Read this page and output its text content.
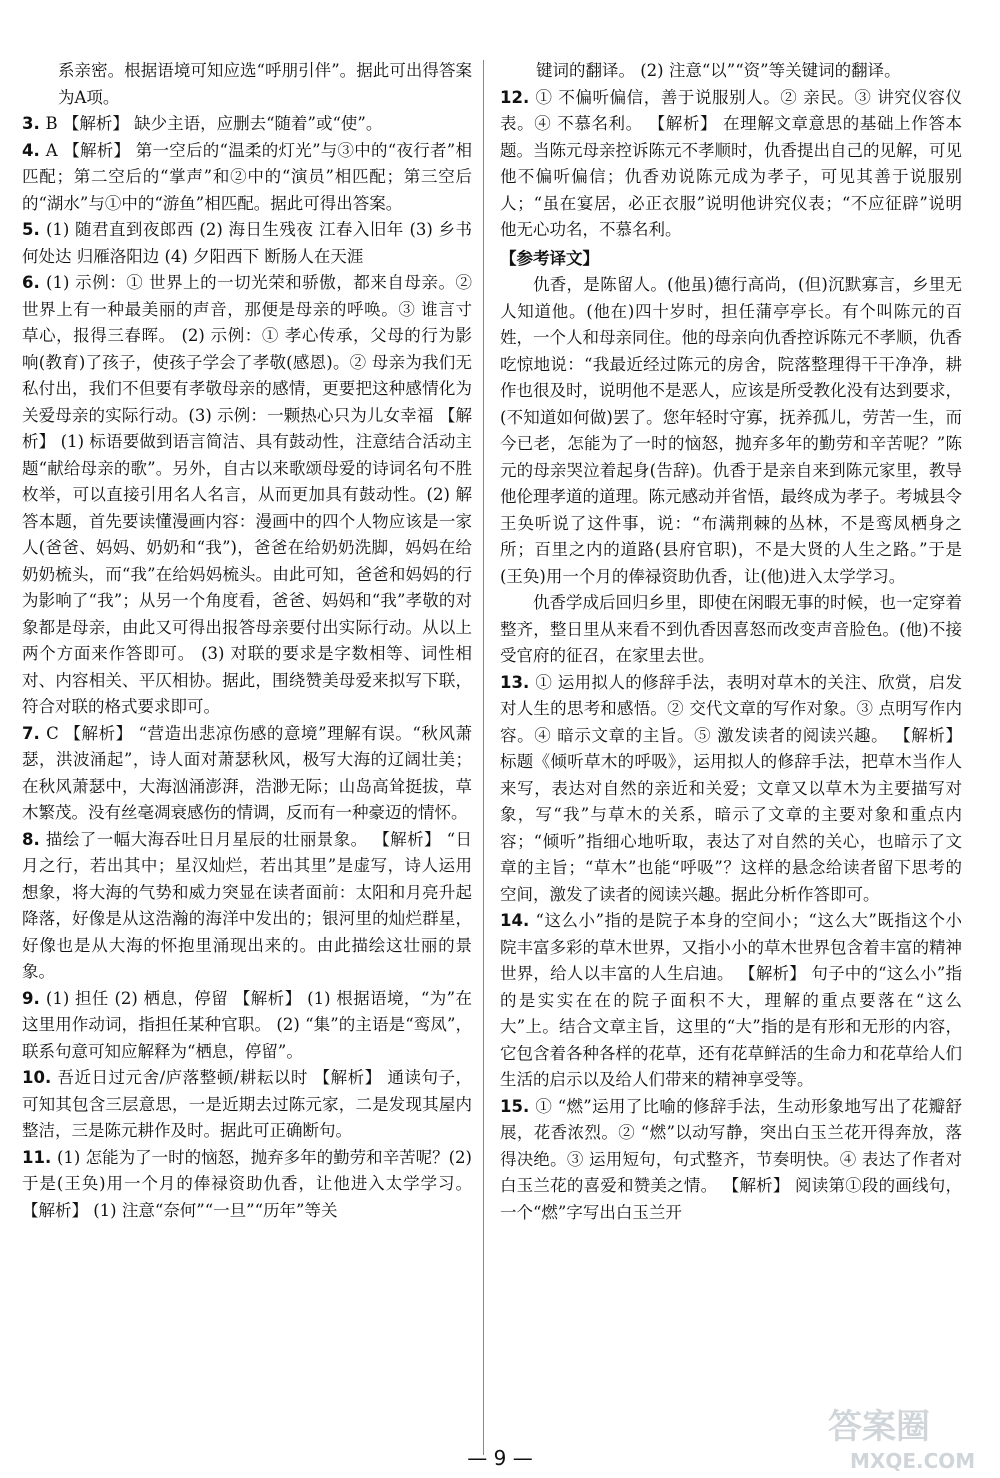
系亲密。根据语境可知应选“呼朋引伴”。据此可出得答案为A项。

3. B 【解析】 缺少主语，应删去“随着”或“使”。

4. A 【解析】 第一空后的“温柔的灯光”与③中的“夜行者”相匹配；第二空后的“掌声”和②中的“演员”相匹配；第三空后的“湖水”与①中的“游鱼”相匹配。据此可得出答案。

5. (1) 随君直到夜郎西 (2) 海日生残夜 江春入旧年 (3) 乡书何处达 归雁洛阳边 (4) 夕阳西下 断肠人在天涯

6. (1) 示例：① 世界上的一切光荣和骄傲，都来自母亲。② 世界上有一种最美丽的声音，那便是母亲的呼唤。③ 谁言寸草心，报得三春晖。 (2) 示例：① 孝心传承，父母的行为影响(教育)了孩子，使孩子学会了孝敬(感恩)。② 母亲为我们无私付出，我们不但要有孝敬母亲的感情，更要把这种感情化为关爱母亲的实际行动。(3) 示例：一颗热心只为儿女幸福 【解析】 (1) 标语要做到语言简洁、具有鼓动性，注意结合活动主题“献给母亲的歌”。另外，自古以来歌颂母爱的诗词名句不胜枚举，可以直接引用名人名言，从而更加具有鼓动性。(2) 解答本题，首先要读懂漫画内容：漫画中的四个人物应该是一家人(爸爸、妈妈、奶奶和“我”)，爸爸在给奶奶洗脚，妈妈在给奶奶梳头，而“我”在给妈妈梳头。由此可知，爸爸和妈妈的行为影响了“我”；从另一个角度看，爸爸、妈妈和“我”孝敬的对象都是母亲，由此又可得出报答母亲要付出实际行动。从以上两个方面来作答即可。 (3) 对联的要求是字数相等、词性相对、内容相关、平仄相协。据此，围绕赞美母爱来拟写下联，符合对联的格式要求即可。

7. C 【解析】 “营造出悲凉伤感的意境”理解有误。“秋风萧瑟，洪波涌起”，诗人面对萧瑟秋风，极写大海的辽阔壮美；在秋风萧瑟中，大海汹涌澎湃，浩渺无际；山岛高耸挺拔，草木繁茂。没有丝毫凋衰感伤的情调，反而有一种豪迈的情怀。

8. 描绘了一幅大海吞吐日月星辰的壮丽景象。 【解析】 “日月之行，若出其中；星汉灿烂，若出其里”是虚写，诗人运用想象，将大海的气势和威力突显在读者面前：太阳和月亮升起降落，好像是从这浩瀚的海洋中发出的；银河里的灿烂群星，好像也是从大海的怀抱里涌现出来的。由此描绘这壮丽的景象。

9. (1) 担任 (2) 栖息，停留 【解析】 (1) 根据语境，“为”在这里用作动词，指担任某种官职。 (2) “集”的主语是“鸾凤”，联系句意可知应解释为“栖息，停留”。

10. 吾近日过元舍/庐落整顿/耕耘以时 【解析】 通读句子，可知其包含三层意思，一是近期去过陈元家，二是发现其屋内整洁，三是陈元耕作及时。据此可正确断句。

11. (1) 怎能为了一时的恼怒，抛弃多年的勤劳和辛苦呢？(2) 于是(王奂)用一个月的俸禄资助仇香，让他进入太学学习。 【解析】 (1) 注意“奈何”“一旦”“历年”等关

键词的翻译。 (2) 注意“以”“资”等关键词的翻译。

12. ① 不偏听偏信，善于说服别人。② 亲民。③ 讲究仪容仪表。④ 不慕名利。 【解析】 在理解文章意思的基础上作答本题。当陈元母亲控诉陈元不孝顺时，仇香提出自己的见解，可见他不偏听偏信；仇香劝说陈元成为孝子，可见其善于说服别人；“虽在宴居，必正衣服”说明他讲究仪表；“不应征辟”说明他无心功名，不慕名利。

【参考译文】

仇香，是陈留人。(他虽)德行高尚，(但)沉默寡言，乡里无人知道他。(他在)四十岁时，担任蒲亭亭长。有个叫陈元的百姓，一个人和母亲同住。他的母亲向仇香控诉陈元不孝顺，仇香吃惊地说：“我最近经过陈元的房舍，院落整理得干干净净，耕作也很及时，说明他不是恶人，应该是所受教化没有达到要求，(不知道如何做)罢了。您年轻时守寡，抚养孤儿，劳苦一生，而今已老，怎能为了一时的恼怒，抛弃多年的勤劳和辛苦呢？”陈元的母亲哭泣着起身(告辞)。仇香于是亲自来到陈元家里，教导他伦理孝道的道理。陈元感动并省悟，最终成为孝子。考城县令王奂听说了这件事，说：“布满荆棘的丛林，不是鸾凤栖身之所；百里之内的道路(县府官职)，不是大贤的人生之路。”于是(王奂)用一个月的俸禄资助仇香，让(他)进入太学学习。

仇香学成后回归乡里，即使在闲暇无事的时候，也一定穿着整齐，整日里从来看不到仇香因喜怒而改变声音脸色。(他)不接受官府的征召，在家里去世。

13. ① 运用拟人的修辞手法，表明对草木的关注、欣赏，启发对人生的思考和感悟。② 交代文章的写作对象。③ 点明写作内容。④ 暗示文章的主旨。⑤ 激发读者的阅读兴趣。 【解析】 标题《倾听草木的呼吸》，运用拟人的修辞手法，把草木当作人来写，表达对自然的亲近和关爱；文章又以草木为主要描写对象，写“我”与草木的关系，暗示了文章的主要对象和重点内容；“倾听”指细心地听取，表达了对自然的关心，也暗示了文章的主旨；“草木”也能“呼吸”？这样的悬念给读者留下思考的空间，激发了读者的阅读兴趣。据此分析作答即可。

14. “这么小”指的是院子本身的空间小；“这么大”既指这个小院丰富多彩的草木世界，又指小小的草木世界包含着丰富的精神世界，给人以丰富的人生启迪。 【解析】 句子中的“这么小”指的是实实在在的院子面积不大，理解的重点要落在“这么大”上。结合文章主旨，这里的“大”指的是有形和无形的内容，它包含着各种各样的花草，还有花草鲜活的生命力和花草给人们生活的启示以及给人们带来的精神享受等。

15. ① “燃”运用了比喻的修辞手法，生动形象地写出了花瓣舒展，花香浓烈。② “燃”以动写静，突出白玉兰花开得奔放，落得决绝。③ 运用短句，句式整齐，节奏明快。④ 表达了作者对白玉兰花的喜爱和赞美之情。 【解析】 阅读第①段的画线句，一个“燃”字写出白玉兰开

— 9 —
答案圈
MXQE.COM
